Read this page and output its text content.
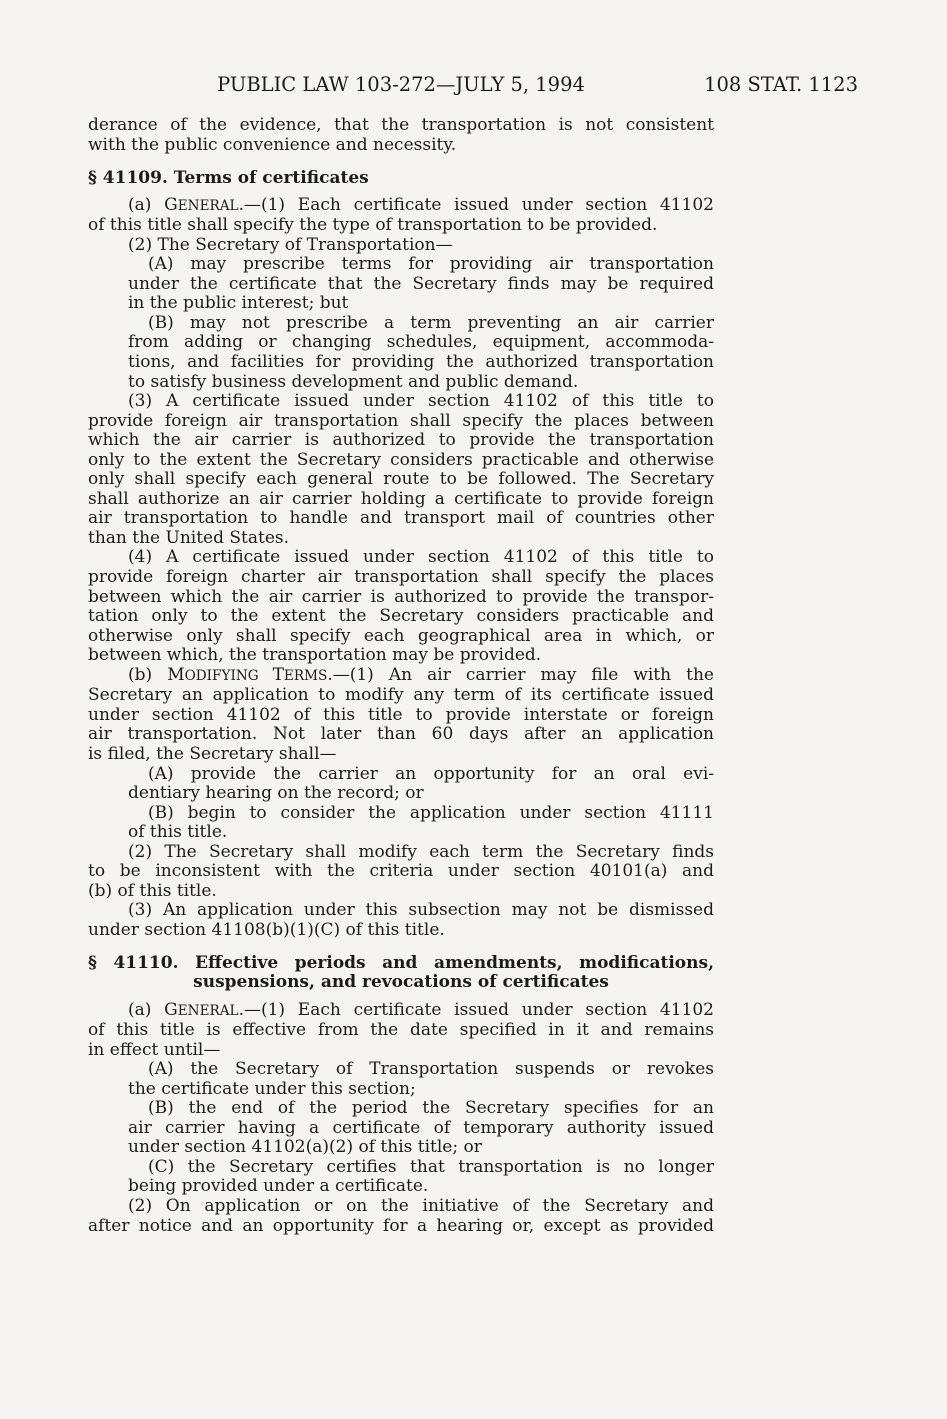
PUBLIC LAW 103-272—JULY 5, 1994	108 STAT. 1123
derance of the evidence, that the transportation is not consistent
with the public convenience and necessity.
§ 41109. Terms of certificates
(a) GENERAL.—(1) Each certificate issued under section 41102
of this title shall specify the type of transportation to be provided.
(2) The Secretary of Transportation—
(A) may prescribe terms for providing air transportation
under the certificate that the Secretary finds may be required
in the public interest; but
(B) may not prescribe a term preventing an air carrier
from adding or changing schedules, equipment, accommoda-
tions, and facilities for providing the authorized transportation
to satisfy business development and public demand.
(3) A certificate issued under section 41102 of this title to
provide foreign air transportation shall specify the places between
which the air carrier is authorized to provide the transportation
only to the extent the Secretary considers practicable and otherwise
only shall specify each general route to be followed. The Secretary
shall authorize an air carrier holding a certificate to provide foreign
air transportation to handle and transport mail of countries other
than the United States.
(4) A certificate issued under section 41102 of this title to
provide foreign charter air transportation shall specify the places
between which the air carrier is authorized to provide the transpor-
tation only to the extent the Secretary considers practicable and
otherwise only shall specify each geographical area in which, or
between which, the transportation may be provided.
(b) MODIFYING TERMS.—(1) An air carrier may file with the
Secretary an application to modify any term of its certificate issued
under section 41102 of this title to provide interstate or foreign
air transportation. Not later than 60 days after an application
is filed, the Secretary shall—
(A) provide the carrier an opportunity for an oral evi-
dentiary hearing on the record; or
(B) begin to consider the application under section 41111
of this title.
(2) The Secretary shall modify each term the Secretary finds
to be inconsistent with the criteria under section 40101(a) and
(b) of this title.
(3) An application under this subsection may not be dismissed
under section 41108(b)(1)(C) of this title.
§ 41110. Effective periods and amendments, modifications,
suspensions, and revocations of certificates
(a) GENERAL.—(1) Each certificate issued under section 41102
of this title is effective from the date specified in it and remains
in effect until—
(A) the Secretary of Transportation suspends or revokes
the certificate under this section;
(B) the end of the period the Secretary specifies for an
air carrier having a certificate of temporary authority issued
under section 41102(a)(2) of this title; or
(C) the Secretary certifies that transportation is no longer
being provided under a certificate.
(2) On application or on the initiative of the Secretary and
after notice and an opportunity for a hearing or, except as provided
